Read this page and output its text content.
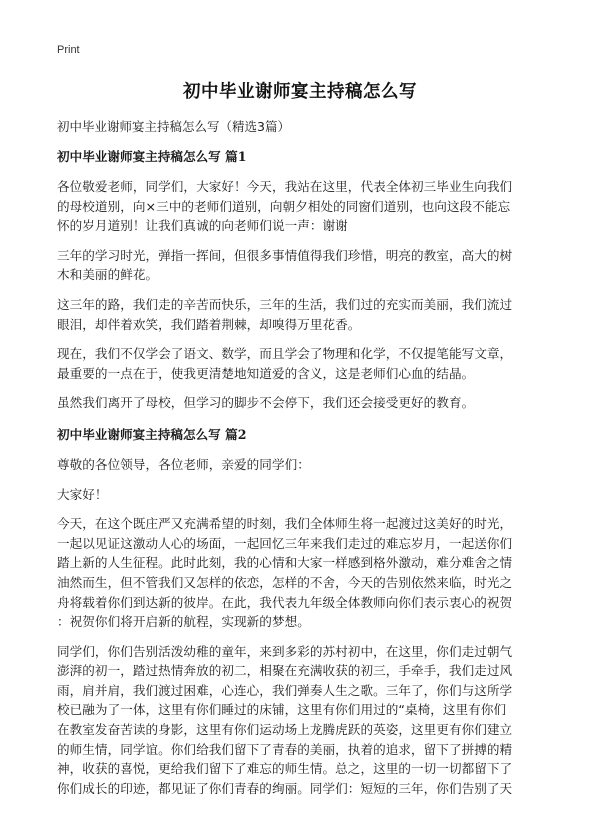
Print
初中毕业谢师宴主持稿怎么写
初中毕业谢师宴主持稿怎么写（精选3篇）
初中毕业谢师宴主持稿怎么写 篇1
各位敬爱老师，同学们，大家好！今天，我站在这里，代表全体初三毕业生向我们
的母校道别，向×三中的老师们道别，向朝夕相处的同窗们道别，也向这段不能忘
怀的岁月道别！让我们真诚的向老师们说一声：谢谢
三年的学习时光，弹指一挥间，但很多事情值得我们珍惜，明亮的教室，高大的树
木和美丽的鲜花。
这三年的路，我们走的辛苦而快乐，三年的生活，我们过的充实而美丽，我们流过
眼泪，却伴着欢笑，我们踏着荆棘，却嗅得万里花香。
现在，我们不仅学会了语文、数学，而且学会了物理和化学，不仅提笔能写文章，
最重要的一点在于，使我更清楚地知道爱的含义，这是老师们心血的结晶。
虽然我们离开了母校，但学习的脚步不会停下，我们还会接受更好的教育。
初中毕业谢师宴主持稿怎么写 篇2
尊敬的各位领导，各位老师，亲爱的同学们：
大家好！
今天，在这个既庄严又充满希望的时刻，我们全体师生将一起渡过这美好的时光，
一起以见证这激动人心的场面，一起回忆三年来我们走过的难忘岁月，一起送你们
踏上新的人生征程。此时此刻，我的心情和大家一样感到格外激动，难分难舍之情
油然而生，但不管我们又怎样的依恋，怎样的不舍，今天的告别依然来临，时光之
舟将载着你们到达新的彼岸。在此，我代表九年级全体教师向你们表示衷心的祝贺
：祝贺你们将开启新的航程，实现新的梦想。
同学们，你们告别活泼幼稚的童年，来到多彩的苏村初中，在这里，你们走过朝气
澎湃的初一，踏过热情奔放的初二，相聚在充满收获的初三，手牵手，我们走过风
雨，肩并肩，我们渡过困难，心连心，我们弹奏人生之歌。三年了，你们与这所学
校已融为了一体，这里有你们睡过的床铺，这里有你们用过的“桌椅，这里有你们
在教室发奋苦读的身影，这里有你们运动场上龙腾虎跃的英姿，这里更有你们建立
的师生情，同学谊。你们给我们留下了青春的美丽，执着的追求，留下了拼搏的精
神，收获的喜悦，更给我们留下了难忘的师生情。总之，这里的一切一切都留下了
你们成长的印迹，都见证了你们青春的绚丽。同学们：短短的三年，你们告别了天
